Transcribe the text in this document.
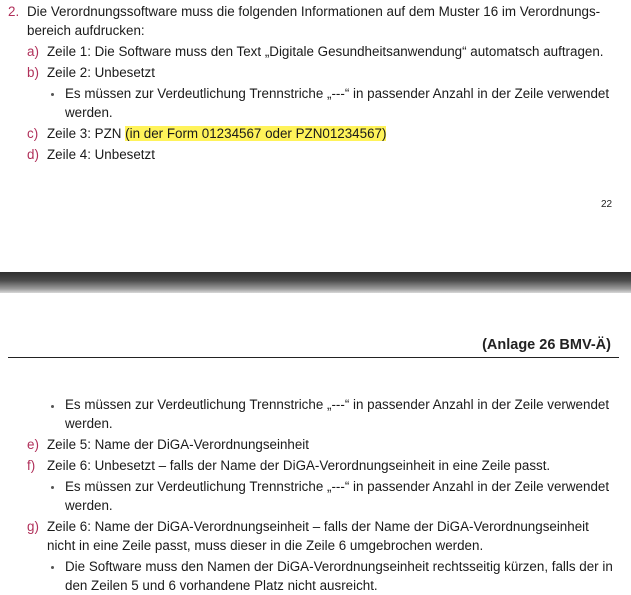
2. Die Verordnungssoftware muss die folgenden Informationen auf dem Muster 16 im Verordnungs-
bereich aufdrucken:
a) Zeile 1: Die Software muss den Text „Digitale Gesundheitsanwendung“ automatsch auftragen.
b) Zeile 2: Unbesetzt
Es müssen zur Verdeutlichung Trennstriche „---“ in passender Anzahl in der Zeile verwendet
werden.
c) Zeile 3: PZN (in der Form 01234567 oder PZN01234567)
d) Zeile 4: Unbesetzt
22
(Anlage 26 BMV-Ä)
Es müssen zur Verdeutlichung Trennstriche „---“ in passender Anzahl in der Zeile verwendet
werden.
e) Zeile 5: Name der DiGA-Verordnungseinheit
f) Zeile 6: Unbesetzt – falls der Name der DiGA-Verordnungseinheit in eine Zeile passt.
Es müssen zur Verdeutlichung Trennstriche „---“ in passender Anzahl in der Zeile verwendet
werden.
g) Zeile 6: Name der DiGA-Verordnungseinheit – falls der Name der DiGA-Verordnungseinheit
nicht in eine Zeile passt, muss dieser in die Zeile 6 umgebrochen werden.
Die Software muss den Namen der DiGA-Verordnungseinheit rechtsseitig kürzen, falls der in
den Zeilen 5 und 6 vorhandene Platz nicht ausreicht.
